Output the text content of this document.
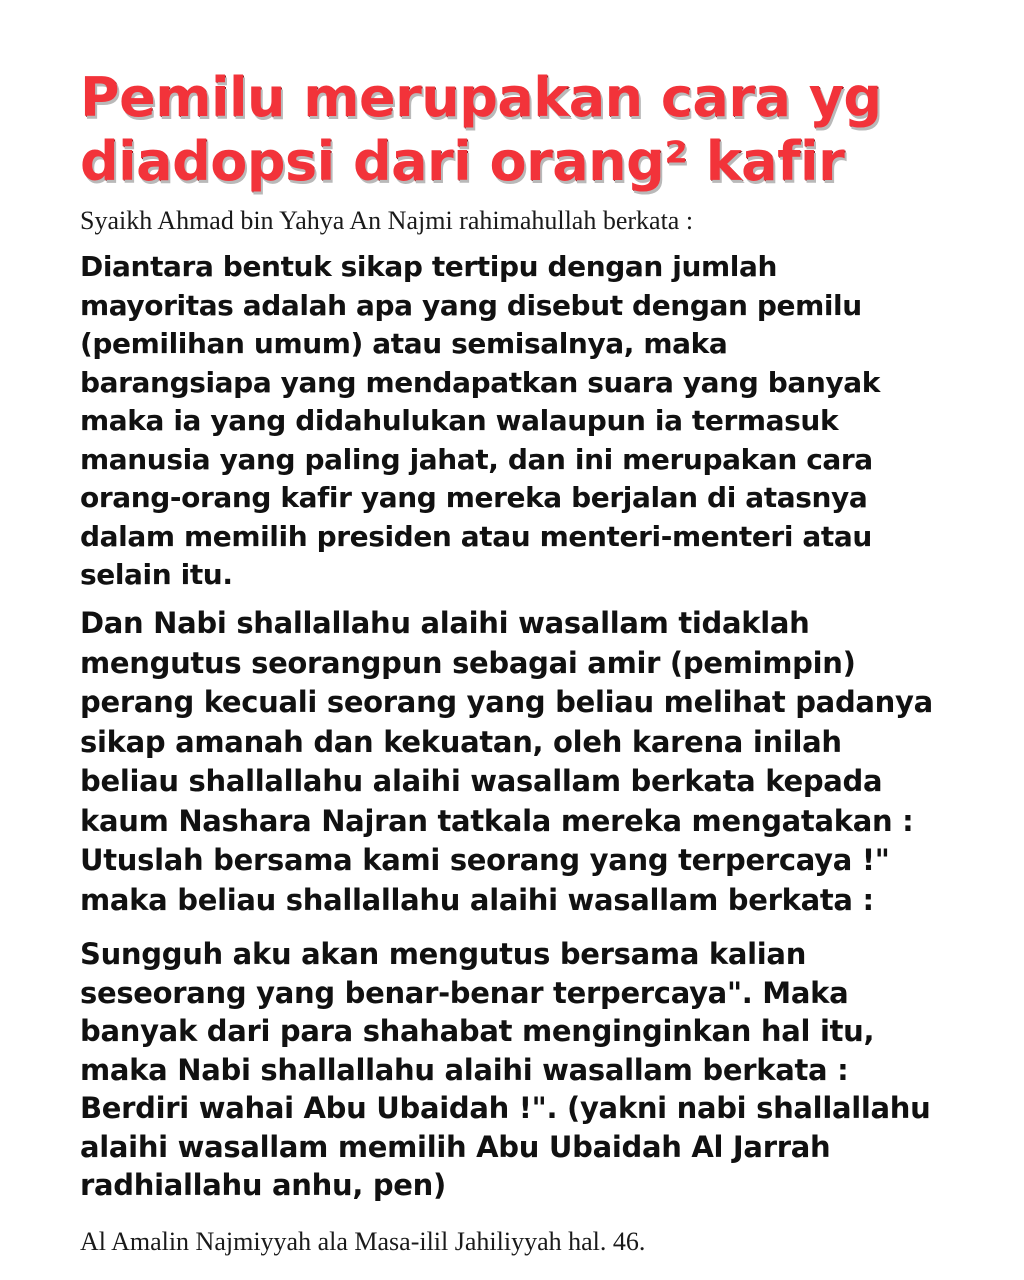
Pemilu merupakan cara yg
diadopsi dari orang² kafir

Syaikh Ahmad bin Yahya An Najmi rahimahullah berkata :

Diantara bentuk sikap tertipu dengan jumlah
mayoritas adalah apa yang disebut dengan pemilu
(pemilihan umum) atau semisalnya, maka
barangsiapa yang mendapatkan suara yang banyak
maka ia yang didahulukan walaupun ia termasuk
manusia yang paling jahat, dan ini merupakan cara
orang-orang kafir yang mereka berjalan di atasnya
dalam memilih presiden atau menteri-menteri atau
selain itu.
Dan Nabi shallallahu alaihi wasallam tidaklah
mengutus seorangpun sebagai amir (pemimpin)
perang kecuali seorang yang beliau melihat padanya
sikap amanah dan kekuatan, oleh karena inilah
beliau shallallahu alaihi wasallam berkata kepada
kaum Nashara Najran tatkala mereka mengatakan :
Utuslah bersama kami seorang yang terpercaya !"
maka beliau shallallahu alaihi wasallam berkata :
Sungguh aku akan mengutus bersama kalian
seseorang yang benar-benar terpercaya". Maka
banyak dari para shahabat menginginkan hal itu,
maka Nabi shallallahu alaihi wasallam berkata :
Berdiri wahai Abu Ubaidah !". (yakni nabi shallallahu
alaihi wasallam memilih Abu Ubaidah Al Jarrah
radhiallahu anhu, pen)

Al Amalin Najmiyyah ala Masa-ilil Jahiliyyah hal. 46.
